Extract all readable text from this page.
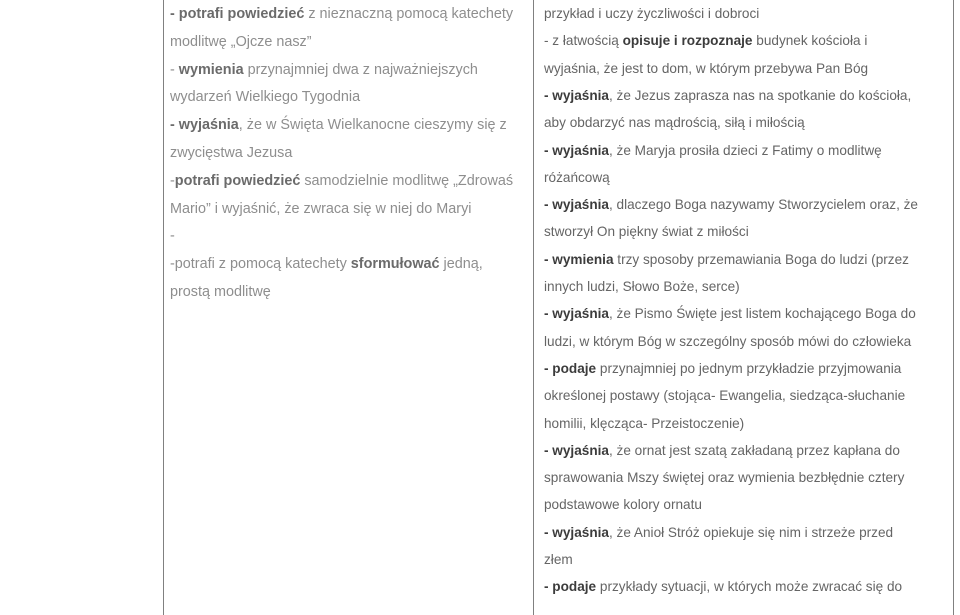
- potrafi powiedzieć z nieznaczną pomocą katechety
modlitwę „Ojcze nasz”
- wymienia przynajmniej dwa z najważniejszych
wydarzeń Wielkiego Tygodnia
- wyjaśnia, że w Święta Wielkanocne cieszymy się z
zwycięstwa Jezusa
-potrafi powiedzieć samodzielnie modlitwę „Zdrowaś
Mario” i wyjaśnić, że zwraca się w niej do Maryi
-
-potrafi z pomocą katechety sformułować jedną,
prostą modlitwę
przykład i uczy życzliwości i dobroci
- z łatwością opisuje i rozpoznaje budynek kościoła i
wyjaśnia, że jest to dom, w którym przebywa Pan Bóg
- wyjaśnia, że Jezus zaprasza nas na spotkanie do kościoła,
aby obdarzyć nas mądrością, siłą i miłością
- wyjaśnia, że Maryja prosiła dzieci z Fatimy o modlitwę
różańcową
- wyjaśnia, dlaczego Boga nazywamy Stworzycielem oraz, że
stworzył On piękny świat z miłości
- wymienia trzy sposoby przemawiania Boga do ludzi (przez
innych ludzi, Słowo Boże, serce)
- wyjaśnia, że Pismo Święte jest listem kochającego Boga do
ludzi, w którym Bóg w szczególny sposób mówi do człowieka
- podaje przynajmniej po jednym przykładzie przyjmowania
określonej postawy (stojąca- Ewangelia, siedząca-słuchanie
homilii, klęcząca- Przeistoczenie)
- wyjaśnia, że ornat jest szatą zakładaną przez kapłana do
sprawowania Mszy świętej oraz wymienia bezbłędnie cztery
podstawowe kolory ornatu
- wyjaśnia, że Anioł Stróż opiekuje się nim i strzeże przed
złem
- podaje przykłady sytuacji, w których może zwracać się do
